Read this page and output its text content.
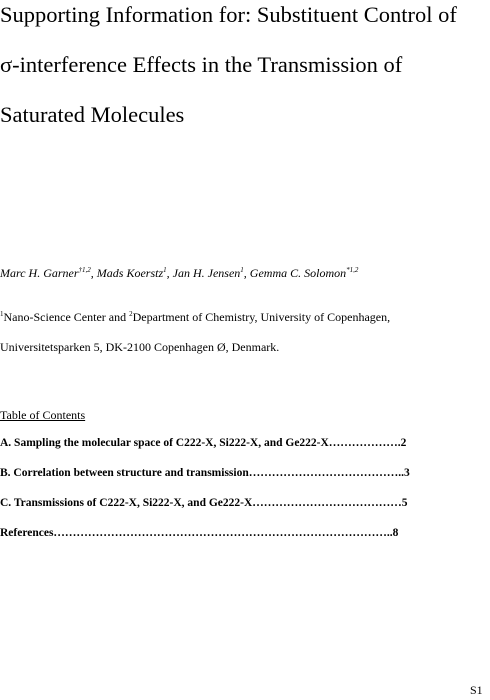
Supporting Information for: Substituent Control of
σ-interference Effects in the Transmission of
Saturated Molecules
Marc H. Garner$^{\dagger 1,2}$, Mads Koerstz$^1$, Jan H. Jensen$^1$, Gemma C. Solomon$^{*1,2}$
$^1$Nano-Science Center and $^2$Department of Chemistry, University of Copenhagen,
Universitetsparken 5, DK-2100 Copenhagen Ø, Denmark.
Table of Contents
A. Sampling the molecular space of C222-X, Si222-X, and Ge222-X……………….2
B. Correlation between structure and transmission…………………………………..3
C. Transmissions of C222-X, Si222-X, and Ge222-X…………………………………5
References……………………………………………………………………………..8
S1
